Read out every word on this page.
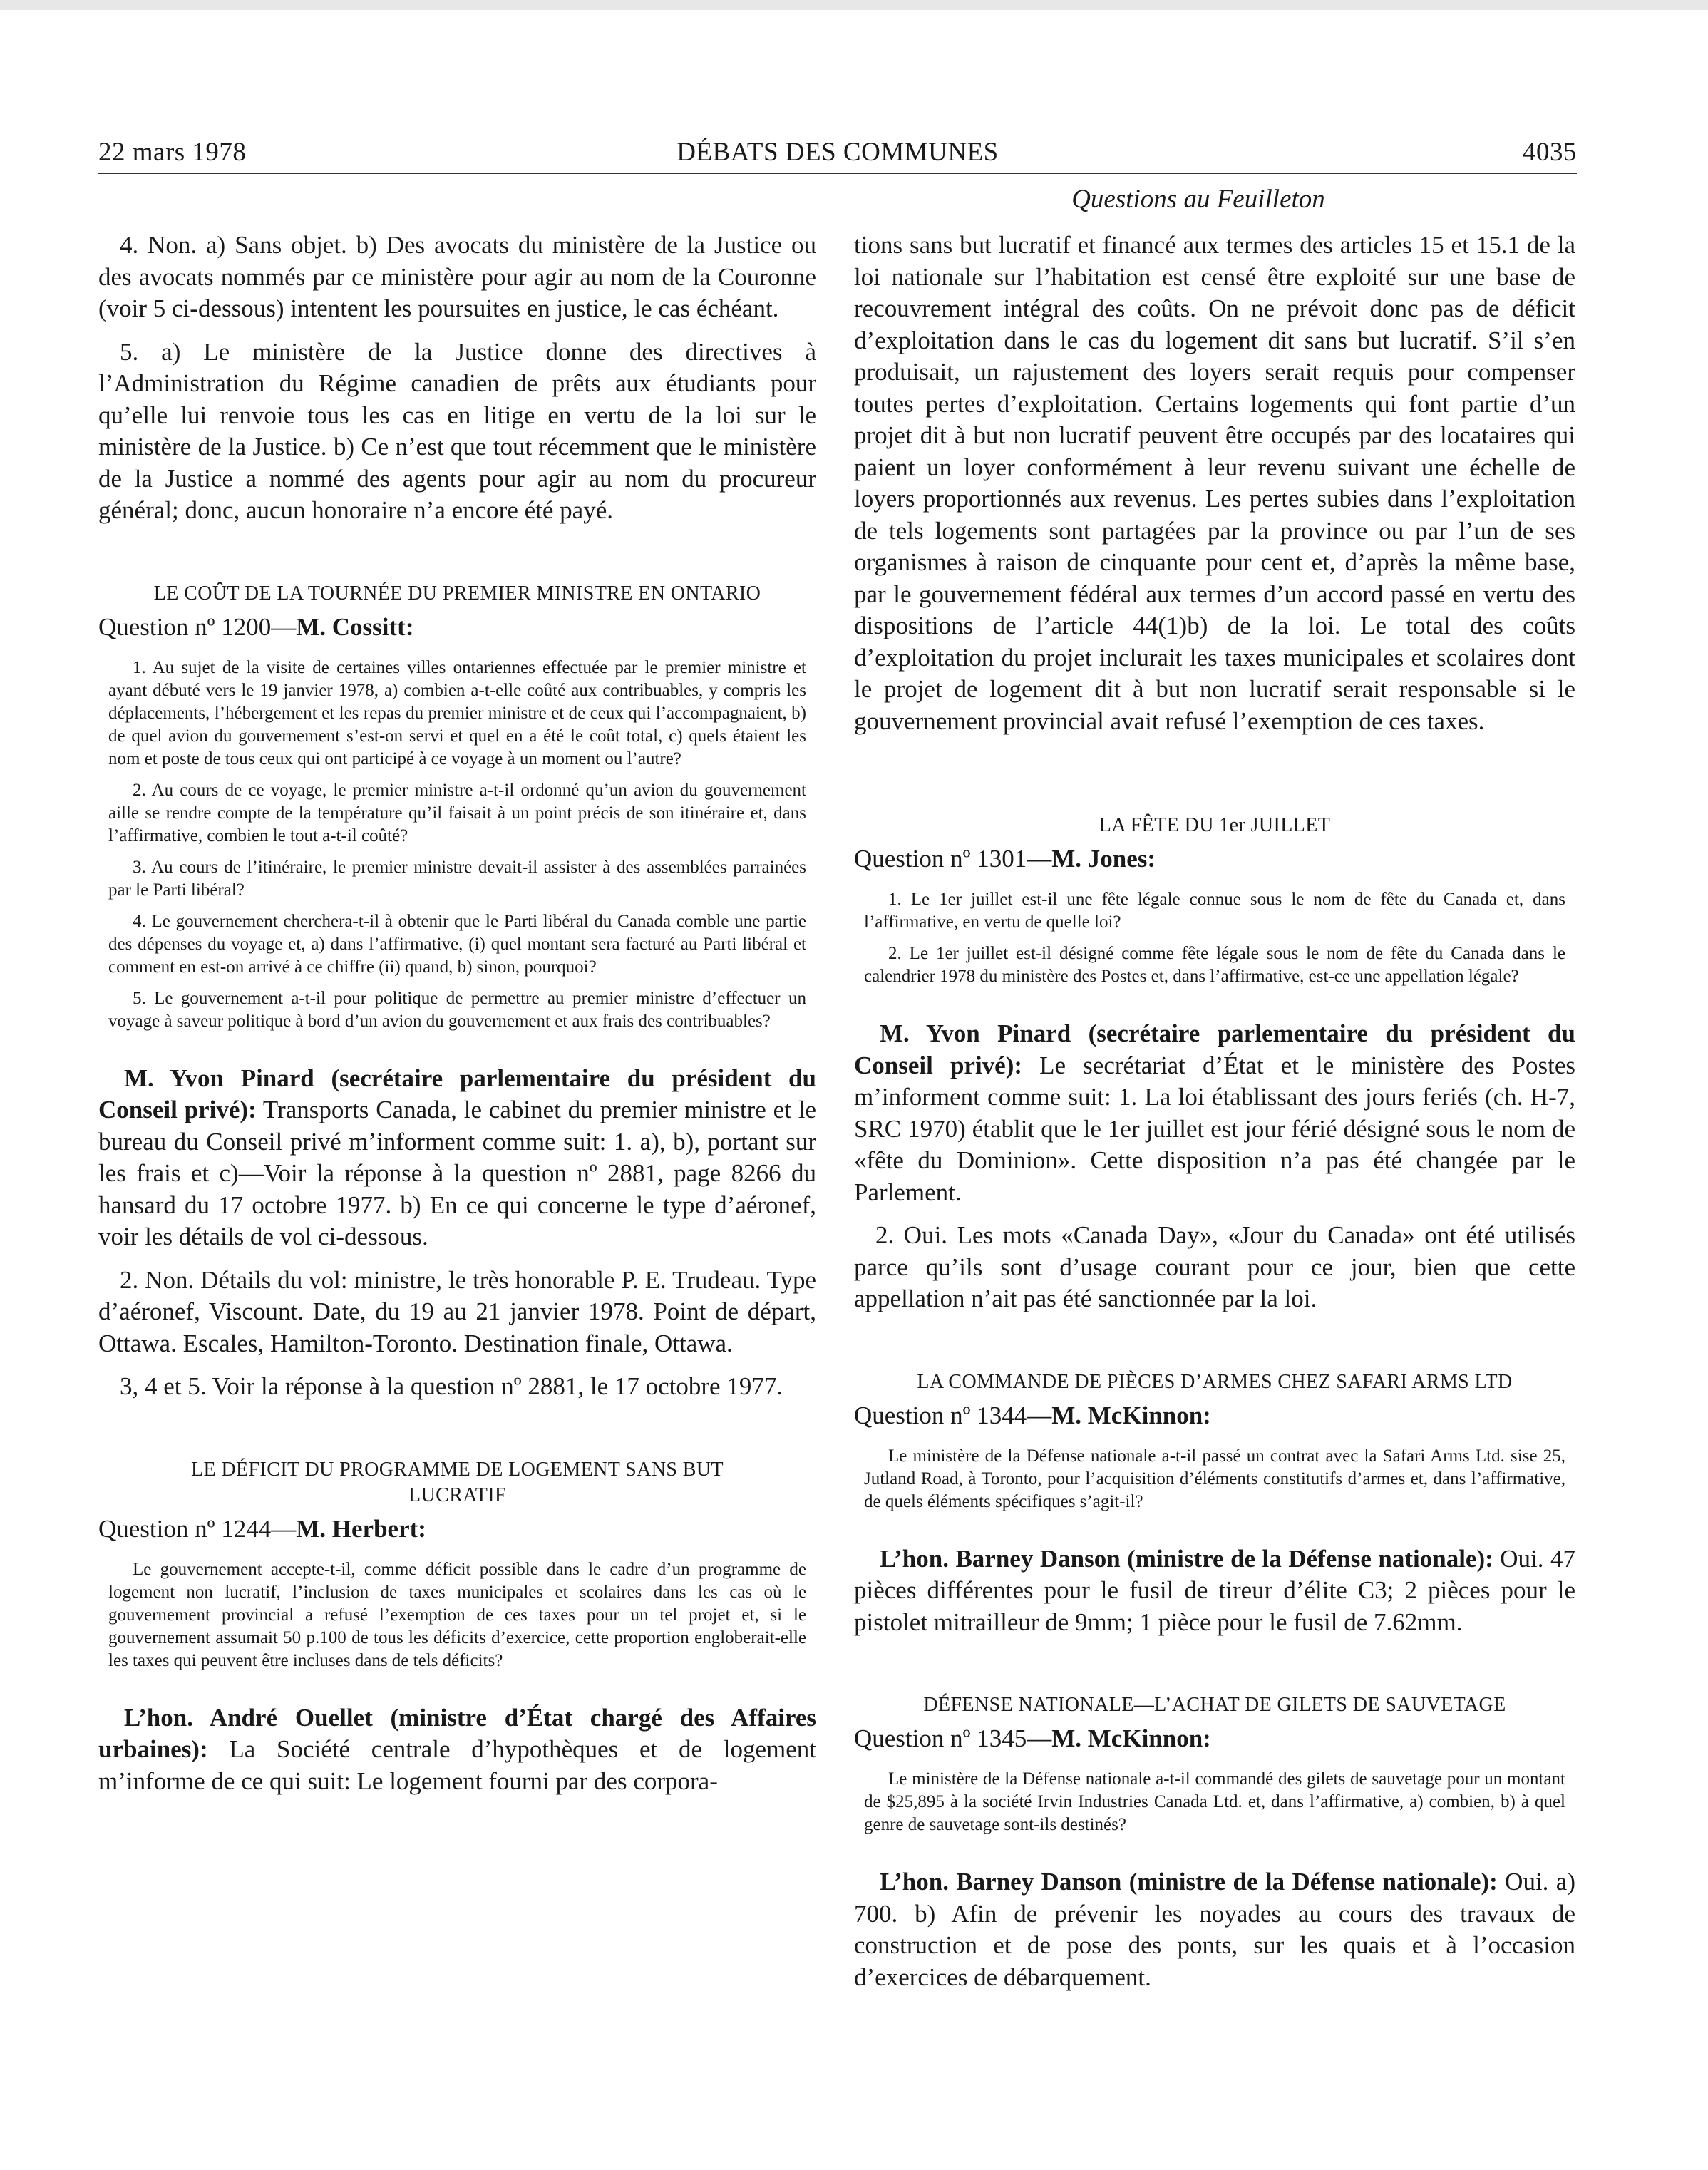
22 mars 1978	DÉBATS DES COMMUNES	4035
Questions au Feuilleton

4. Non. a) Sans objet. b) Des avocats du ministère de la Justice ou des avocats nommés par ce ministère pour agir au nom de la Couronne (voir 5 ci-dessous) intentent les poursuites en justice, le cas échéant.

5. a) Le ministère de la Justice donne des directives à l’Administration du Régime canadien de prêts aux étudiants pour qu’elle lui renvoie tous les cas en litige en vertu de la loi sur le ministère de la Justice. b) Ce n’est que tout récemment que le ministère de la Justice a nommé des agents pour agir au nom du procureur général; donc, aucun honoraire n’a encore été payé.

LE COÛT DE LA TOURNÉE DU PREMIER MINISTRE EN ONTARIO
Question nº 1200—M. Cossitt:

1. Au sujet de la visite de certaines villes ontariennes effectuée par le premier ministre et ayant débuté vers le 19 janvier 1978, a) combien a-t-elle coûté aux contribuables, y compris les déplacements, l’hébergement et les repas du premier ministre et de ceux qui l’accompagnaient, b) de quel avion du gouvernement s’est-on servi et quel en a été le coût total, c) quels étaient les nom et poste de tous ceux qui ont participé à ce voyage à un moment ou l’autre?

2. Au cours de ce voyage, le premier ministre a-t-il ordonné qu’un avion du gouvernement aille se rendre compte de la température qu’il faisait à un point précis de son itinéraire et, dans l’affirmative, combien le tout a-t-il coûté?

3. Au cours de l’itinéraire, le premier ministre devait-il assister à des assemblées parrainées par le Parti libéral?

4. Le gouvernement cherchera-t-il à obtenir que le Parti libéral du Canada comble une partie des dépenses du voyage et, a) dans l’affirmative, (i) quel montant sera facturé au Parti libéral et comment en est-on arrivé à ce chiffre (ii) quand, b) sinon, pourquoi?

5. Le gouvernement a-t-il pour politique de permettre au premier ministre d’effectuer un voyage à saveur politique à bord d’un avion du gouvernement et aux frais des contribuables?

M. Yvon Pinard (secrétaire parlementaire du président du Conseil privé): Transports Canada, le cabinet du premier ministre et le bureau du Conseil privé m’informent comme suit: 1. a), b), portant sur les frais et c)—Voir la réponse à la question nº 2881, page 8266 du hansard du 17 octobre 1977. b) En ce qui concerne le type d’aéronef, voir les détails de vol ci-dessous.

2. Non. Détails du vol: ministre, le très honorable P. E. Trudeau. Type d’aéronef, Viscount. Date, du 19 au 21 janvier 1978. Point de départ, Ottawa. Escales, Hamilton-Toronto. Destination finale, Ottawa.

3, 4 et 5. Voir la réponse à la question nº 2881, le 17 octobre 1977.

LE DÉFICIT DU PROGRAMME DE LOGEMENT SANS BUT LUCRATIF
Question nº 1244—M. Herbert:

Le gouvernement accepte-t-il, comme déficit possible dans le cadre d’un programme de logement non lucratif, l’inclusion de taxes municipales et scolaires dans les cas où le gouvernement provincial a refusé l’exemption de ces taxes pour un tel projet et, si le gouvernement assumait 50 p.100 de tous les déficits d’exercice, cette proportion engloberait-elle les taxes qui peuvent être incluses dans de tels déficits?

L’hon. André Ouellet (ministre d’État chargé des Affaires urbaines): La Société centrale d’hypothèques et de logement m’informe de ce qui suit: Le logement fourni par des corpora-

tions sans but lucratif et financé aux termes des articles 15 et 15.1 de la loi nationale sur l’habitation est censé être exploité sur une base de recouvrement intégral des coûts. On ne prévoit donc pas de déficit d’exploitation dans le cas du logement dit sans but lucratif. S’il s’en produisait, un rajustement des loyers serait requis pour compenser toutes pertes d’exploitation. Certains logements qui font partie d’un projet dit à but non lucratif peuvent être occupés par des locataires qui paient un loyer conformément à leur revenu suivant une échelle de loyers proportionnés aux revenus. Les pertes subies dans l’exploitation de tels logements sont partagées par la province ou par l’un de ses organismes à raison de cinquante pour cent et, d’après la même base, par le gouvernement fédéral aux termes d’un accord passé en vertu des dispositions de l’article 44(1)b) de la loi. Le total des coûts d’exploitation du projet inclurait les taxes municipales et scolaires dont le projet de logement dit à but non lucratif serait responsable si le gouvernement provincial avait refusé l’exemption de ces taxes.

LA FÊTE DU 1er JUILLET
Question nº 1301—M. Jones:

1. Le 1er juillet est-il une fête légale connue sous le nom de fête du Canada et, dans l’affirmative, en vertu de quelle loi?

2. Le 1er juillet est-il désigné comme fête légale sous le nom de fête du Canada dans le calendrier 1978 du ministère des Postes et, dans l’affirmative, est-ce une appellation légale?

M. Yvon Pinard (secrétaire parlementaire du président du Conseil privé): Le secrétariat d’État et le ministère des Postes m’informent comme suit: 1. La loi établissant des jours feriés (ch. H-7, SRC 1970) établit que le 1er juillet est jour férié désigné sous le nom de «fête du Dominion». Cette disposition n’a pas été changée par le Parlement.

2. Oui. Les mots «Canada Day», «Jour du Canada» ont été utilisés parce qu’ils sont d’usage courant pour ce jour, bien que cette appellation n’ait pas été sanctionnée par la loi.

LA COMMANDE DE PIÈCES D’ARMES CHEZ SAFARI ARMS LTD
Question nº 1344—M. McKinnon:

Le ministère de la Défense nationale a-t-il passé un contrat avec la Safari Arms Ltd. sise 25, Jutland Road, à Toronto, pour l’acquisition d’éléments constitutifs d’armes et, dans l’affirmative, de quels éléments spécifiques s’agit-il?

L’hon. Barney Danson (ministre de la Défense nationale): Oui. 47 pièces différentes pour le fusil de tireur d’élite C3; 2 pièces pour le pistolet mitrailleur de 9mm; 1 pièce pour le fusil de 7.62mm.

DÉFENSE NATIONALE—L’ACHAT DE GILETS DE SAUVETAGE
Question nº 1345—M. McKinnon:

Le ministère de la Défense nationale a-t-il commandé des gilets de sauvetage pour un montant de $25,895 à la société Irvin Industries Canada Ltd. et, dans l’affirmative, a) combien, b) à quel genre de sauvetage sont-ils destinés?

L’hon. Barney Danson (ministre de la Défense nationale): Oui. a) 700. b) Afin de prévenir les noyades au cours des travaux de construction et de pose des ponts, sur les quais et à l’occasion d’exercices de débarquement.
